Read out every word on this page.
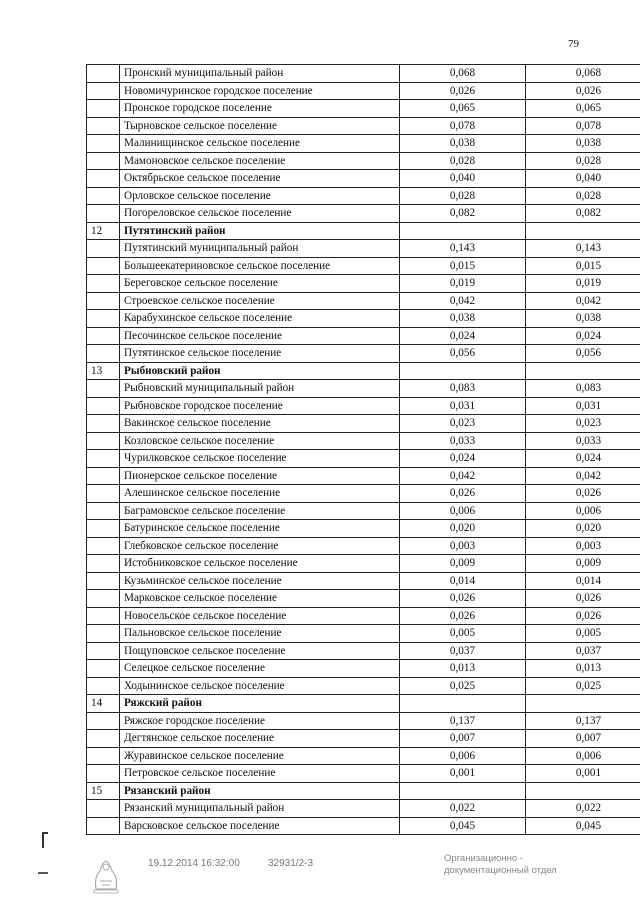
79
	Пронский муниципальный район	0,068	0,068
	Новомичуринское городское поселение	0,026	0,026
	Пронское городское поселение	0,065	0,065
	Тырновское сельское поселение	0,078	0,078
	Малинищинское сельское поселение	0,038	0,038
	Мамоновское сельское поселение	0,028	0,028
	Октябрьское сельское поселение	0,040	0,040
	Орловское сельское поселение	0,028	0,028
	Погореловское сельское поселение	0,082	0,082
12	Путятинский район		
	Путятинский муниципальный район	0,143	0,143
	Большеекатериновское сельское поселение	0,015	0,015
	Береговское сельское поселение	0,019	0,019
	Строевское сельское поселение	0,042	0,042
	Карабухинское сельское поселение	0,038	0,038
	Песочинское сельское поселение	0,024	0,024
	Путятинское сельское поселение	0,056	0,056
13	Рыбновский район		
	Рыбновский муниципальный район	0,083	0,083
	Рыбновское городское поселение	0,031	0,031
	Вакинское сельское поселение	0,023	0,023
	Козловское сельское поселение	0,033	0,033
	Чурилковское сельское поселение	0,024	0,024
	Пионерское сельское поселение	0,042	0,042
	Алешинское сельское поселение	0,026	0,026
	Баграмовское сельское поселение	0,006	0,006
	Батуринское сельское поселение	0,020	0,020
	Глебковское сельское поселение	0,003	0,003
	Истобниковское сельское поселение	0,009	0,009
	Кузьминское сельское поселение	0,014	0,014
	Марковское сельское поселение	0,026	0,026
	Новосельское сельское поселение	0,026	0,026
	Пальновское сельское поселение	0,005	0,005
	Пощуповское сельское поселение	0,037	0,037
	Селецкое сельское поселение	0,013	0,013
	Ходынинское сельское поселение	0,025	0,025
14	Ряжский район		
	Ряжское городское поселение	0,137	0,137
	Дегтянское сельское поселение	0,007	0,007
	Журавинское сельское поселение	0,006	0,006
	Петровское сельское поселение	0,001	0,001
15	Рязанский район		
	Рязанский муниципальный район	0,022	0,022
	Варсковское сельское поселение	0,045	0,045
19.12.2014 16:32:00	32931/2-3	Организационно -
документационный отдел
